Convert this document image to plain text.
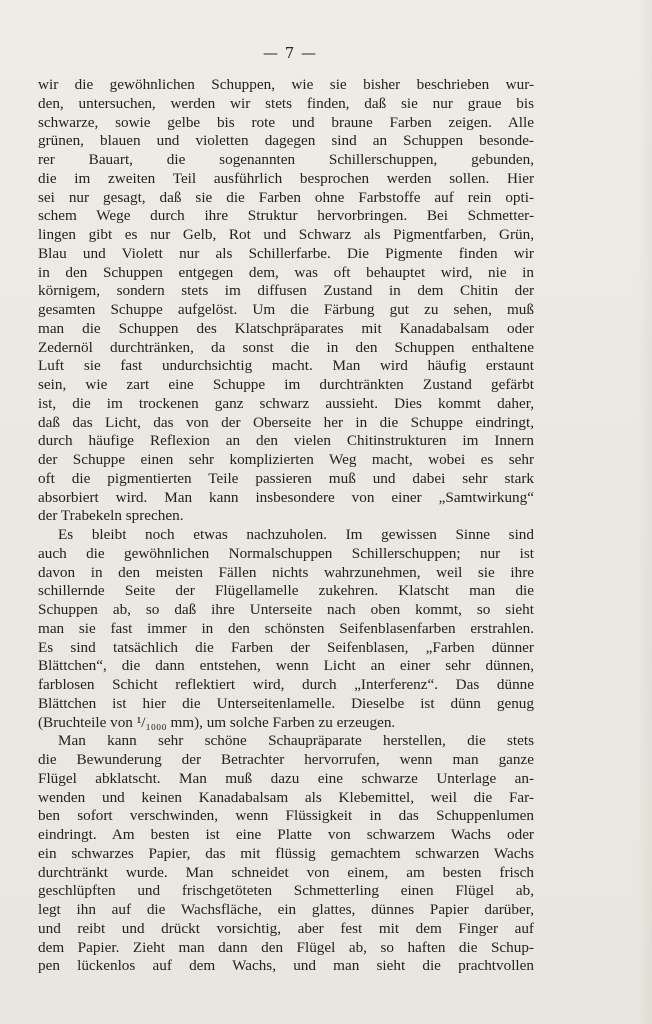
— 7 —
wir die gewöhnlichen Schuppen, wie sie bisher beschrieben wur-
den, untersuchen, werden wir stets finden, daß sie nur graue bis
schwarze, sowie gelbe bis rote und braune Farben zeigen. Alle
grünen, blauen und violetten dagegen sind an Schuppen besonde-
rer Bauart, die sogenannten Schillerschuppen, gebunden,
die im zweiten Teil ausführlich besprochen werden sollen. Hier
sei nur gesagt, daß sie die Farben ohne Farbstoffe auf rein opti-
schem Wege durch ihre Struktur hervorbringen. Bei Schmetter-
lingen gibt es nur Gelb, Rot und Schwarz als Pigmentfarben, Grün,
Blau und Violett nur als Schillerfarbe. Die Pigmente finden wir
in den Schuppen entgegen dem, was oft behauptet wird, nie in
körnigem, sondern stets im diffusen Zustand in dem Chitin der
gesamten Schuppe aufgelöst. Um die Färbung gut zu sehen, muß
man die Schuppen des Klatschpräparates mit Kanadabalsam oder
Zedernöl durchtränken, da sonst die in den Schuppen enthaltene
Luft sie fast undurchsichtig macht. Man wird häufig erstaunt
sein, wie zart eine Schuppe im durchtränkten Zustand gefärbt
ist, die im trockenen ganz schwarz aussieht. Dies kommt daher,
daß das Licht, das von der Oberseite her in die Schuppe eindringt,
durch häufige Reflexion an den vielen Chitinstrukturen im Innern
der Schuppe einen sehr komplizierten Weg macht, wobei es sehr
oft die pigmentierten Teile passieren muß und dabei sehr stark
absorbiert wird. Man kann insbesondere von einer „Samtwirkung“
der Trabekeln sprechen.
Es bleibt noch etwas nachzuholen. Im gewissen Sinne sind
auch die gewöhnlichen Normalschuppen Schillerschuppen; nur ist
davon in den meisten Fällen nichts wahrzunehmen, weil sie ihre
schillernde Seite der Flügellamelle zukehren. Klatscht man die
Schuppen ab, so daß ihre Unterseite nach oben kommt, so sieht
man sie fast immer in den schönsten Seifenblasenfarben erstrahlen.
Es sind tatsächlich die Farben der Seifenblasen, „Farben dünner
Blättchen“, die dann entstehen, wenn Licht an einer sehr dünnen,
farblosen Schicht reflektiert wird, durch „Interferenz“. Das dünne
Blättchen ist hier die Unterseitenlamelle. Dieselbe ist dünn genug
(Bruchteile von ¹/₁₀₀₀ mm), um solche Farben zu erzeugen.
Man kann sehr schöne Schaupräparate herstellen, die stets
die Bewunderung der Betrachter hervorrufen, wenn man ganze
Flügel abklatscht. Man muß dazu eine schwarze Unterlage an-
wenden und keinen Kanadabalsam als Klebemittel, weil die Far-
ben sofort verschwinden, wenn Flüssigkeit in das Schuppenlumen
eindringt. Am besten ist eine Platte von schwarzem Wachs oder
ein schwarzes Papier, das mit flüssig gemachtem schwarzen Wachs
durchtränkt wurde. Man schneidet von einem, am besten frisch
geschlüpften und frischgetöteten Schmetterling einen Flügel ab,
legt ihn auf die Wachsfläche, ein glattes, dünnes Papier darüber,
und reibt und drückt vorsichtig, aber fest mit dem Finger auf
dem Papier. Zieht man dann den Flügel ab, so haften die Schup-
pen lückenlos auf dem Wachs, und man sieht die prachtvollen
